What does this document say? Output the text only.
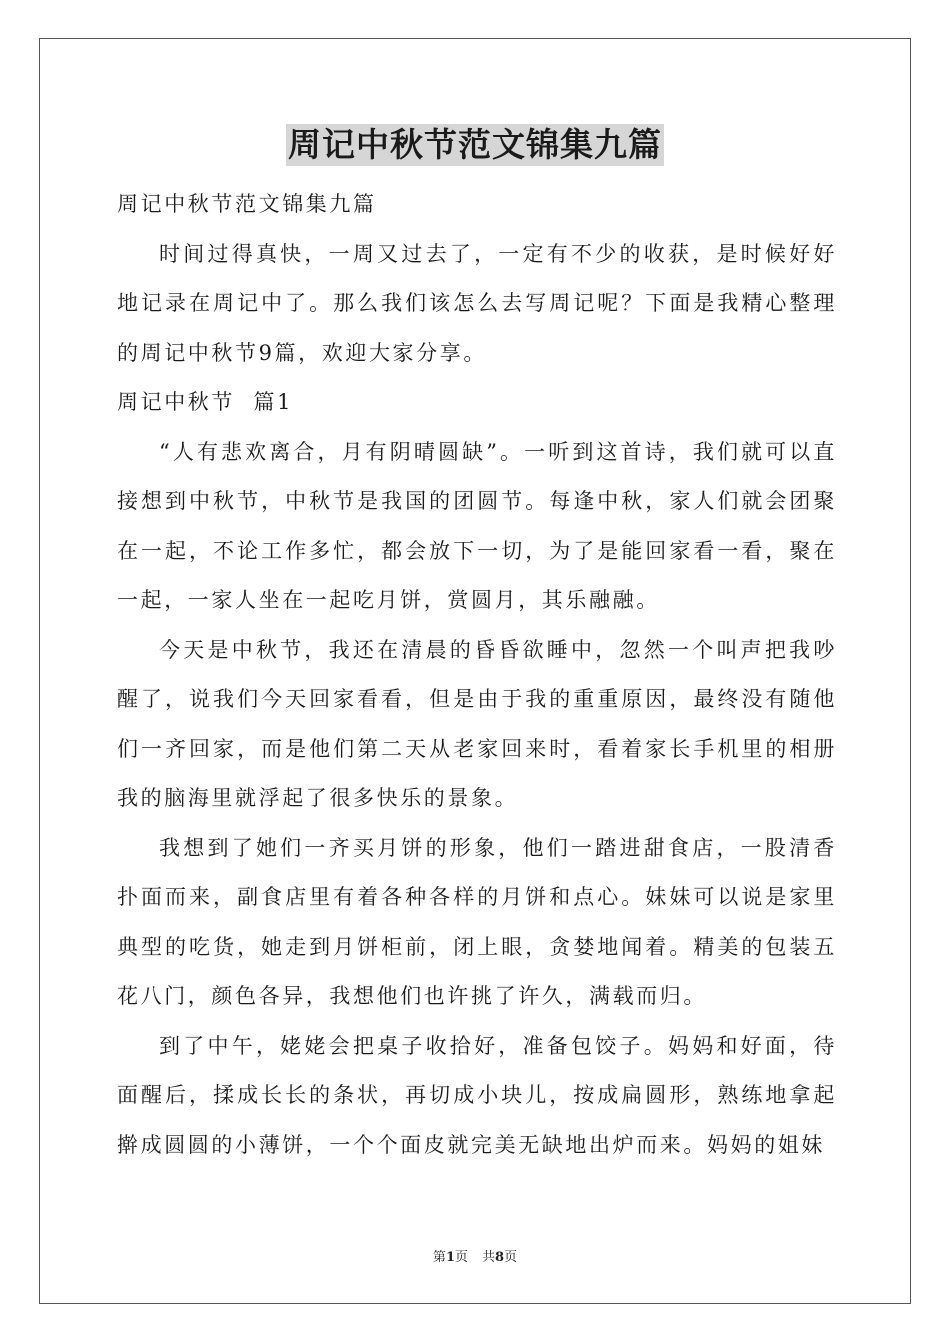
周记中秋节范文锦集九篇

周记中秋节范文锦集九篇

时间过得真快，一周又过去了，一定有不少的收获，是时候好好地记录在周记中了。那么我们该怎么去写周记呢？下面是我精心整理的周记中秋节9篇，欢迎大家分享。

周记中秋节  篇1

“人有悲欢离合，月有阴晴圆缺”。一听到这首诗，我们就可以直接想到中秋节，中秋节是我国的团圆节。每逢中秋，家人们就会团聚在一起，不论工作多忙，都会放下一切，为了是能回家看一看，聚在一起，一家人坐在一起吃月饼，赏圆月，其乐融融。

今天是中秋节，我还在清晨的昏昏欲睡中，忽然一个叫声把我吵醒了，说我们今天回家看看，但是由于我的重重原因，最终没有随他们一齐回家，而是他们第二天从老家回来时，看着家长手机里的相册我的脑海里就浮起了很多快乐的景象。

我想到了她们一齐买月饼的形象，他们一踏进甜食店，一股清香扑面而来，副食店里有着各种各样的月饼和点心。妹妹可以说是家里典型的吃货，她走到月饼柜前，闭上眼，贪婪地闻着。精美的包装五花八门，颜色各异，我想他们也许挑了许久，满载而归。

到了中午，姥姥会把桌子收拾好，准备包饺子。妈妈和好面，待面醒后，揉成长长的条状，再切成小块儿，按成扁圆形，熟练地拿起擀成圆圆的小薄饼，一个个面皮就完美无缺地出炉而来。妈妈的姐妹

第1页 共8页
